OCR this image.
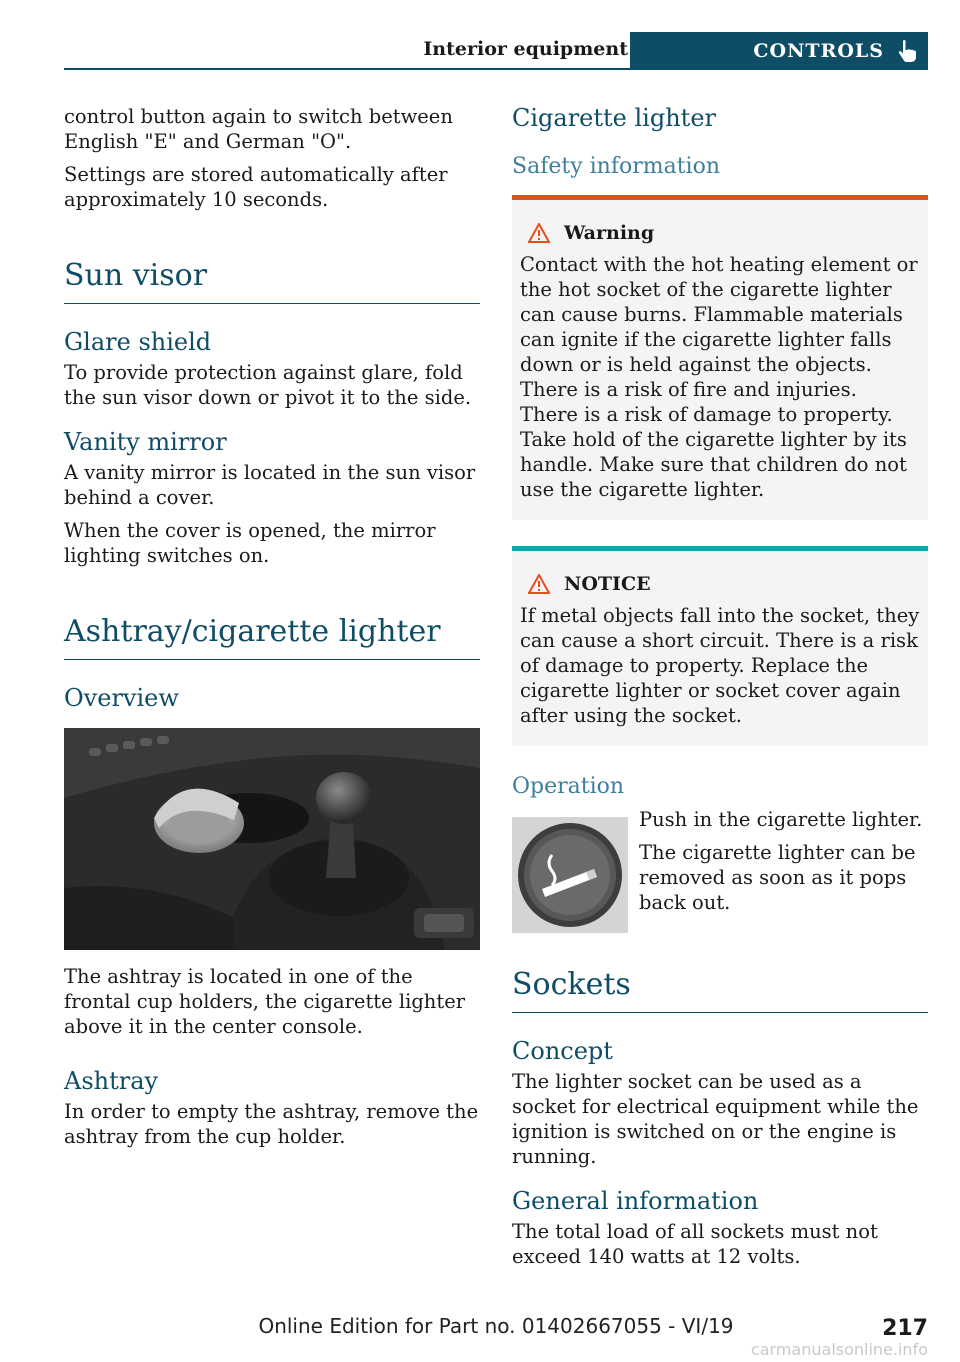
Interior equipment	CONTROLS

control button again to switch between English "E" and German "O".

Settings are stored automatically after approximately 10 seconds.

Sun visor
Glare shield

To provide protection against glare, fold the sun visor down or pivot it to the side.

Vanity mirror

A vanity mirror is located in the sun visor behind a cover.

When the cover is opened, the mirror lighting switches on.

Ashtray/cigarette lighter
Overview

The ashtray is located in one of the frontal cup holders, the cigarette lighter above it in the center console.

Ashtray

In order to empty the ashtray, remove the ashtray from the cup holder.

Cigarette lighter
Safety information
Warning

Contact with the hot heating element or the hot socket of the cigarette lighter can cause burns. Flammable materials can ignite if the cigarette lighter falls down or is held against the objects. There is a risk of fire and injuries. There is a risk of damage to property. Take hold of the cigarette lighter by its handle. Make sure that children do not use the cigarette lighter.

NOTICE

If metal objects fall into the socket, they can cause a short circuit. There is a risk of damage to property. Replace the cigarette lighter or socket cover again after using the socket.

Operation

Push in the cigarette lighter.

The cigarette lighter can be removed as soon as it pops back out.

Sockets
Concept

The lighter socket can be used as a socket for electrical equipment while the ignition is switched on or the engine is running.

General information

The total load of all sockets must not exceed 140 watts at 12 volts.

Online Edition for Part no. 01402667055 - VI/19	217
carmanualsonline.info
